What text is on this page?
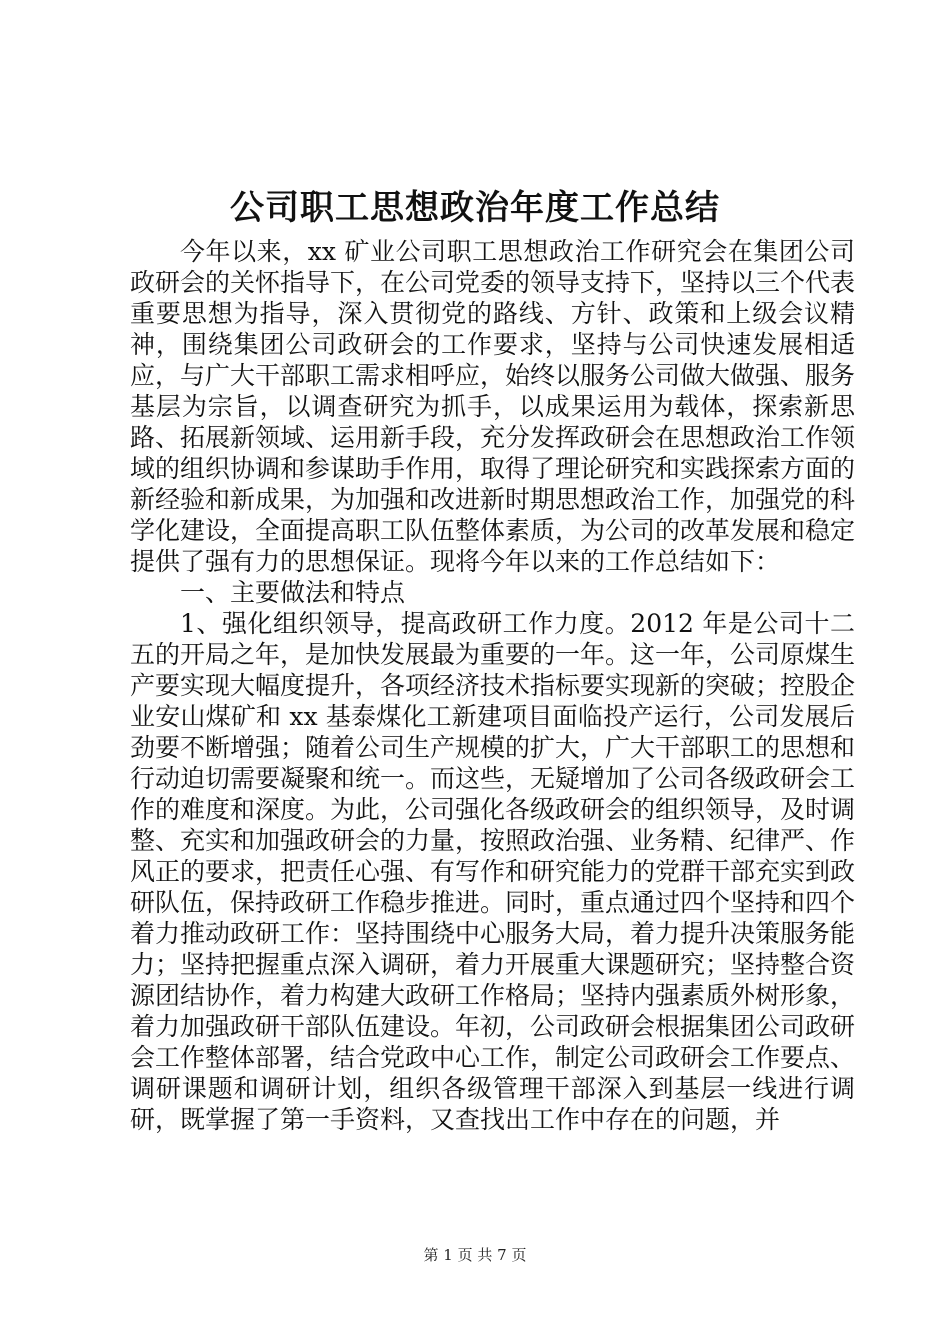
公司职工思想政治年度工作总结

今年以来，xx 矿业公司职工思想政治工作研究会在集团公司政研会的关怀指导下，在公司党委的领导支持下，坚持以三个代表重要思想为指导，深入贯彻党的路线、方针、政策和上级会议精神，围绕集团公司政研会的工作要求，坚持与公司快速发展相适应，与广大干部职工需求相呼应，始终以服务公司做大做强、服务基层为宗旨，以调查研究为抓手，以成果运用为载体，探索新思路、拓展新领域、运用新手段，充分发挥政研会在思想政治工作领域的组织协调和参谋助手作用，取得了理论研究和实践探索方面的新经验和新成果，为加强和改进新时期思想政治工作，加强党的科学化建设，全面提高职工队伍整体素质，为公司的改革发展和稳定提供了强有力的思想保证。现将今年以来的工作总结如下：

一、主要做法和特点

1、强化组织领导，提高政研工作力度。2012 年是公司十二五的开局之年，是加快发展最为重要的一年。这一年，公司原煤生产要实现大幅度提升，各项经济技术指标要实现新的突破；控股企业安山煤矿和 xx 基泰煤化工新建项目面临投产运行，公司发展后劲要不断增强；随着公司生产规模的扩大，广大干部职工的思想和行动迫切需要凝聚和统一。而这些，无疑增加了公司各级政研会工作的难度和深度。为此，公司强化各级政研会的组织领导，及时调整、充实和加强政研会的力量，按照政治强、业务精、纪律严、作风正的要求，把责任心强、有写作和研究能力的党群干部充实到政研队伍，保持政研工作稳步推进。同时，重点通过四个坚持和四个着力推动政研工作：坚持围绕中心服务大局，着力提升决策服务能力；坚持把握重点深入调研，着力开展重大课题研究；坚持整合资源团结协作，着力构建大政研工作格局；坚持内强素质外树形象，着力加强政研干部队伍建设。年初，公司政研会根据集团公司政研会工作整体部署，结合党政中心工作，制定公司政研会工作要点、调研课题和调研计划，组织各级管理干部深入到基层一线进行调研，既掌握了第一手资料，又查找出工作中存在的问题，并

第 1 页 共 7 页
